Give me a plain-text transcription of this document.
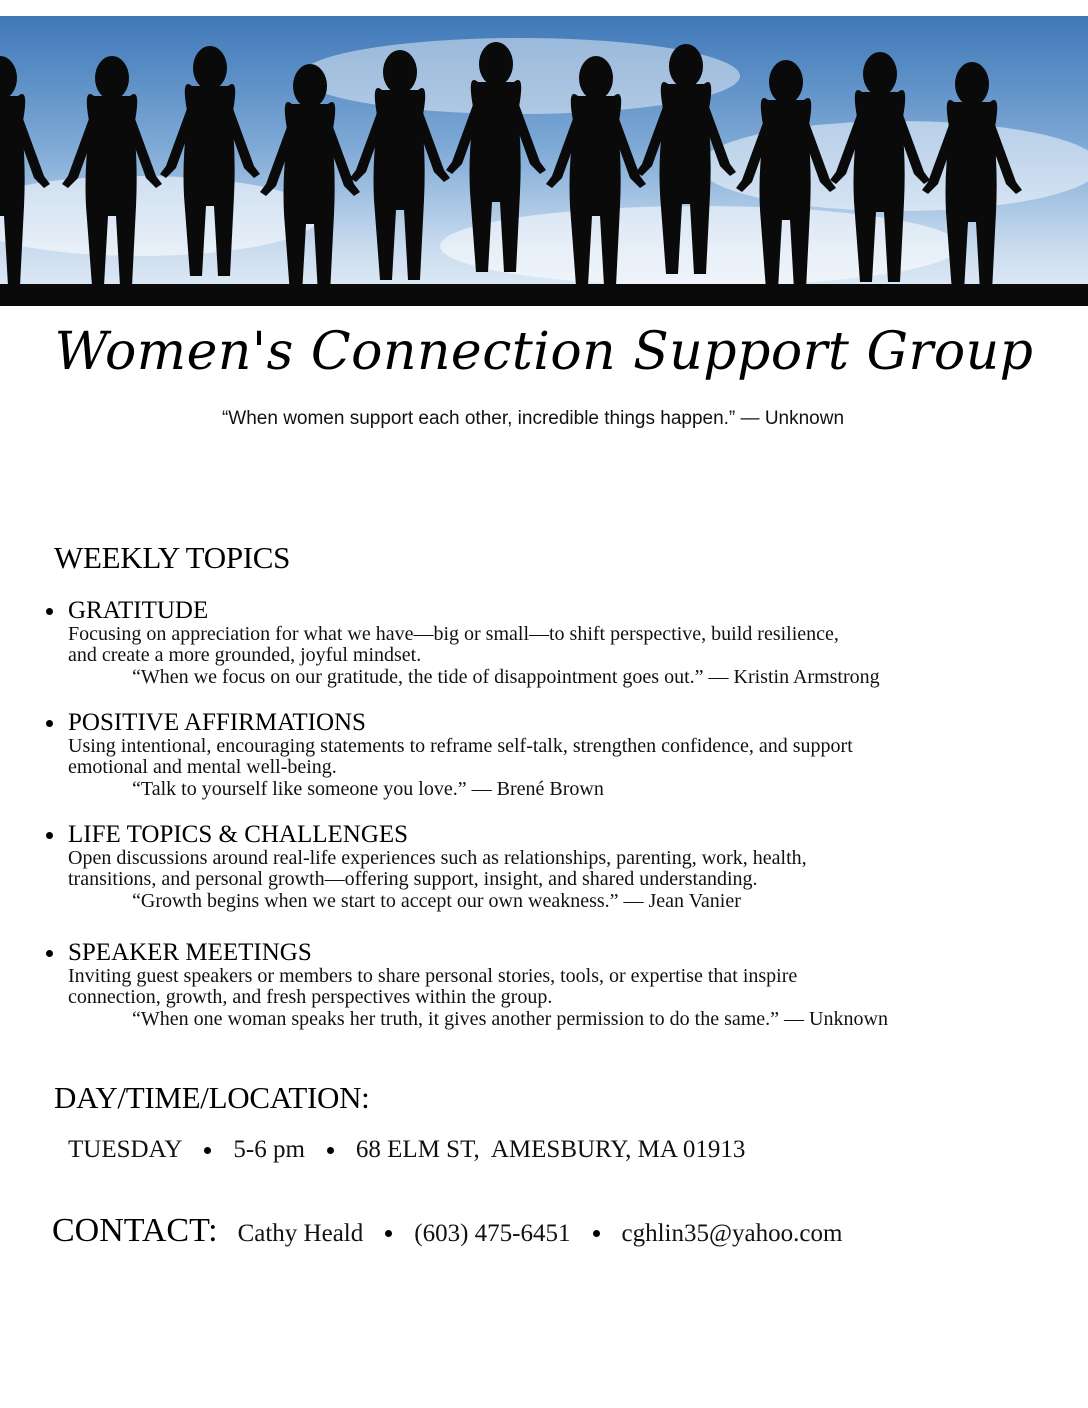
Women's Connection Support Group
“When women support each other, incredible things happen.” — Unknown
WEEKLY TOPICS
GRATITUDE
Focusing on appreciation for what we have—big or small—to shift perspective, build resilience,
and create a more grounded, joyful mindset.
“When we focus on our gratitude, the tide of disappointment goes out.” — Kristin Armstrong
POSITIVE AFFIRMATIONS
Using intentional, encouraging statements to reframe self-talk, strengthen confidence, and support
emotional and mental well-being.
“Talk to yourself like someone you love.” — Brené Brown
LIFE TOPICS & CHALLENGES
Open discussions around real-life experiences such as relationships, parenting, work, health,
transitions, and personal growth—offering support, insight, and shared understanding.
“Growth begins when we start to accept our own weakness.” — Jean Vanier
SPEAKER MEETINGS
Inviting guest speakers or members to share personal stories, tools, or expertise that inspire
connection, growth, and fresh perspectives within the group.
“When one woman speaks her truth, it gives another permission to do the same.” — Unknown
DAY/TIME/LOCATION:
TUESDAY 5-6 pm 68 ELM ST,  AMESBURY, MA 01913
CONTACT: Cathy Heald (603) 475-6451 cghlin35@yahoo.com
